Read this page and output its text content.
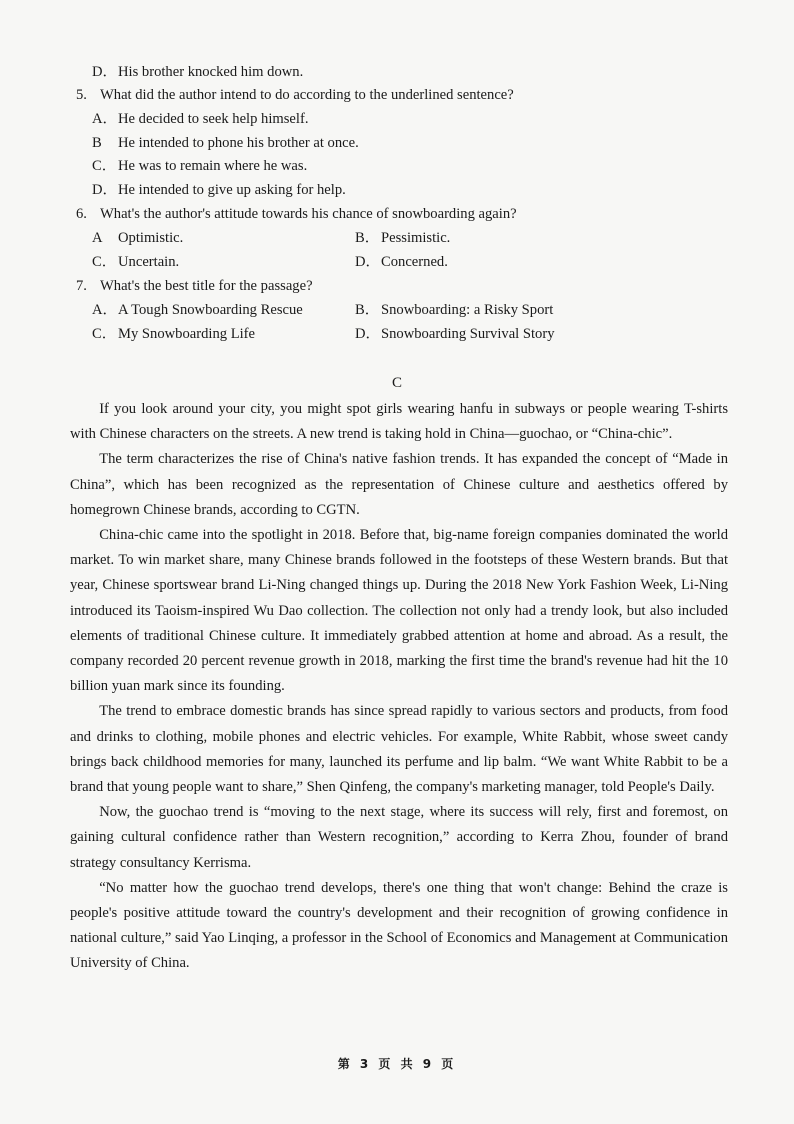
D．His brother knocked him down.
5. What did the author intend to do according to the underlined sentence?
A．He decided to seek help himself.
B He intended to phone his brother at once.
C． He was to remain where he was.
D．He intended to give up asking for help.
6. What's the author's attitude towards his chance of snowboarding again?
A Optimistic.	B． Pessimistic.
C． Uncertain.	D．Concerned.
7. What's the best title for the passage?
A．A Tough Snowboarding Rescue	B． Snowboarding: a Risky Sport
C． My Snowboarding Life	D．Snowboarding Survival Story
C

If you look around your city, you might spot girls wearing hanfu in subways or people wearing T-shirts with Chinese characters on the streets. A new trend is taking hold in China—guochao, or “China-chic”.

The term characterizes the rise of China's native fashion trends. It has expanded the concept of “Made in China”, which has been recognized as the representation of Chinese culture and aesthetics offered by homegrown Chinese brands, according to CGTN.

China-chic came into the spotlight in 2018. Before that, big-name foreign companies dominated the world market. To win market share, many Chinese brands followed in the footsteps of these Western brands. But that year, Chinese sportswear brand Li-Ning changed things up. During the 2018 New York Fashion Week, Li-Ning introduced its Taoism-inspired Wu Dao collection. The collection not only had a trendy look, but also included elements of traditional Chinese culture. It immediately grabbed attention at home and abroad. As a result, the company recorded 20 percent revenue growth in 2018, marking the first time the brand's revenue had hit the 10 billion yuan mark since its founding.

The trend to embrace domestic brands has since spread rapidly to various sectors and products, from food and drinks to clothing, mobile phones and electric vehicles. For example, White Rabbit, whose sweet candy brings back childhood memories for many, launched its perfume and lip balm. “We want White Rabbit to be a brand that young people want to share,” Shen Qinfeng, the company's marketing manager, told People's Daily.

Now, the guochao trend is “moving to the next stage, where its success will rely, first and foremost, on gaining cultural confidence rather than Western recognition,” according to Kerra Zhou, founder of brand strategy consultancy Kerrisma.

“No matter how the guochao trend develops, there's one thing that won't change: Behind the craze is people's positive attitude toward the country's development and their recognition of growing confidence in national culture,” said Yao Linqing, a professor in the School of Economics and Management at Communication University of China.

第 3 页 共 9 页
